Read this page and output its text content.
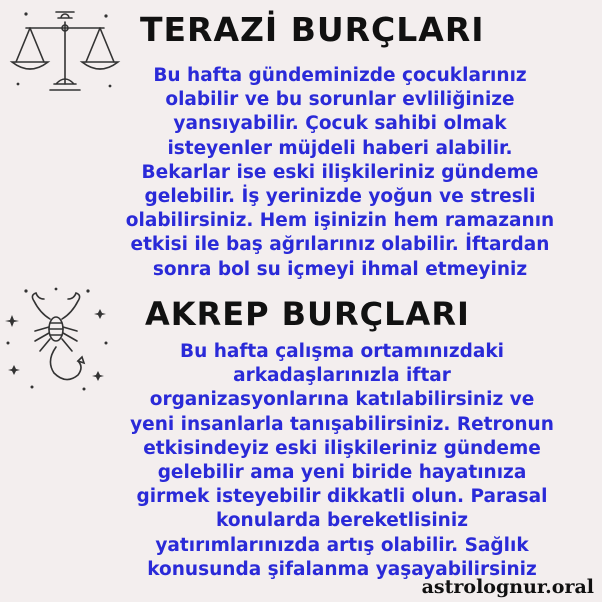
TERAZİ BURÇLARI
Bu hafta gündeminizde çocuklarınız
olabilir ve bu sorunlar evliliğinize
yansıyabilir. Çocuk sahibi olmak
isteyenler müjdeli haberi alabilir.
Bekarlar ise eski ilişkileriniz gündeme
gelebilir. İş yerinizde yoğun ve stresli
olabilirsiniz. Hem işinizin hem ramazanın
etkisi ile baş ağrılarınız olabilir. İftardan
sonra bol su içmeyi ihmal etmeyiniz
AKREP BURÇLARI
Bu hafta çalışma ortamınızdaki
arkadaşlarınızla iftar
organizasyonlarına katılabilirsiniz ve
yeni insanlarla tanışabilirsiniz. Retronun
etkisindeyiz eski ilişkileriniz gündeme
gelebilir ama yeni biride hayatınıza
girmek isteyebilir dikkatli olun. Parasal
konularda bereketlisiniz
yatırımlarınızda artış olabilir. Sağlık
konusunda şifalanma yaşayabilirsiniz
astrolognur.oral
